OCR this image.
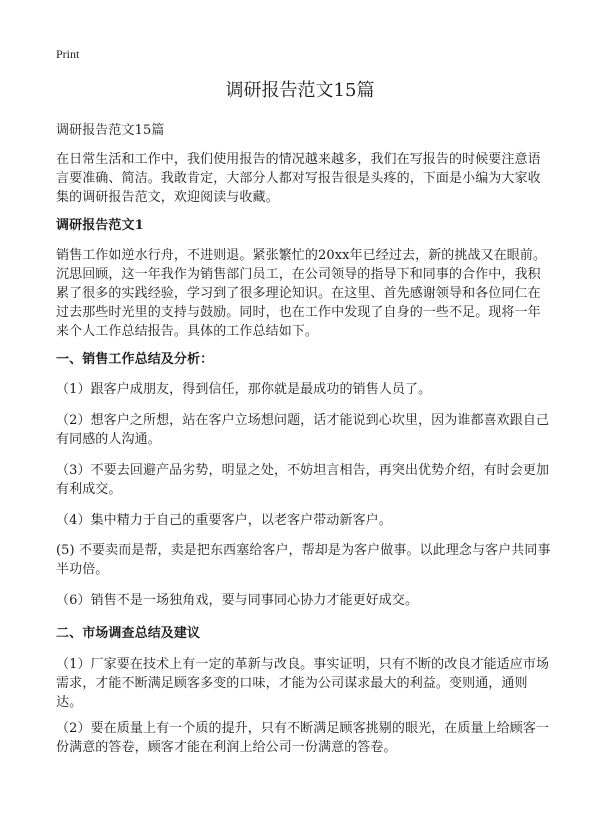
Print
调研报告范文15篇

调研报告范文15篇

在日常生活和工作中，我们使用报告的情况越来越多，我们在写报告的时候要注意语言要准确、简洁。我敢肯定，大部分人都对写报告很是头疼的，下面是小编为大家收集的调研报告范文，欢迎阅读与收藏。

调研报告范文1

销售工作如逆水行舟，不进则退。紧张繁忙的20xx年已经过去，新的挑战又在眼前。沉思回顾，这一年我作为销售部门员工，在公司领导的指导下和同事的合作中，我积累了很多的实践经验，学习到了很多理论知识。在这里、首先感谢领导和各位同仁在过去那些时光里的支持与鼓励。同时，也在工作中发现了自身的一些不足。现将一年来个人工作总结报告。具体的工作总结如下。

一、销售工作总结及分析：

（1）跟客户成朋友，得到信任，那你就是最成功的销售人员了。

（2）想客户之所想，站在客户立场想问题，话才能说到心坎里，因为谁都喜欢跟自己有同感的人沟通。

（3）不要去回避产品劣势，明显之处，不妨坦言相告，再突出优势介绍，有时会更加有利成交。

（4）集中精力于自己的重要客户，以老客户带动新客户。

(5) 不要卖而是帮，卖是把东西塞给客户，帮却是为客户做事。以此理念与客户共同事半功倍。

（6）销售不是一场独角戏，要与同事同心协力才能更好成交。

二、市场调查总结及建议

（1）厂家要在技术上有一定的革新与改良。事实证明，只有不断的改良才能适应市场需求，才能不断满足顾客多变的口味，才能为公司谋求最大的利益。变则通，通则达。

（2）要在质量上有一个质的提升，只有不断满足顾客挑剔的眼光，在质量上给顾客一份满意的答卷，顾客才能在利润上给公司一份满意的答卷。
